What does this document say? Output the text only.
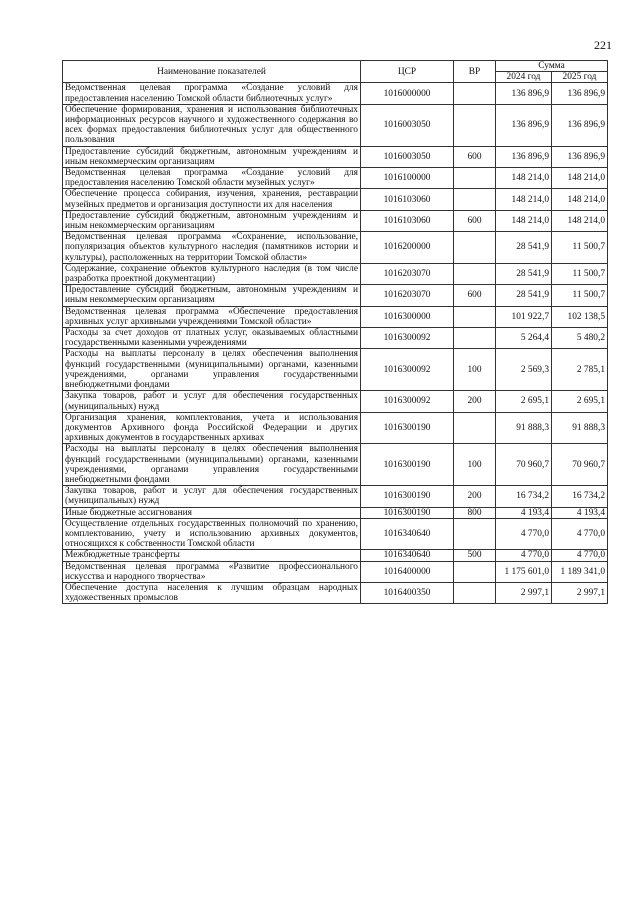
221
Наименование показателей	ЦСР	ВР	Сумма	
			2024 год	2025 год
Ведомственная целевая программа «Создание условий для предоставления населению Томской области библиотечных услуг»	1016000000		136 896,9	136 896,9
Обеспечение формирования, хранения и использования библиотечных информационных ресурсов научного и художественного содержания во всех формах предоставления библиотечных услуг для общественного пользования	1016003050		136 896,9	136 896,9
Предоставление субсидий бюджетным, автономным учреждениям и иным некоммерческим организациям	1016003050	600	136 896,9	136 896,9
Ведомственная целевая программа «Создание условий для предоставления населению Томской области музейных услуг»	1016100000		148 214,0	148 214,0
Обеспечение процесса собирания, изучения, хранения, реставрации музейных предметов и организация доступности их для населения	1016103060		148 214,0	148 214,0
Предоставление субсидий бюджетным, автономным учреждениям и иным некоммерческим организациям	1016103060	600	148 214,0	148 214,0
Ведомственная целевая программа «Сохранение, использование, популяризация объектов культурного наследия (памятников истории и культуры), расположенных на территории Томской области»	1016200000		28 541,9	11 500,7
Содержание, сохранение объектов культурного наследия (в том числе разработка проектной документации)	1016203070		28 541,9	11 500,7
Предоставление субсидий бюджетным, автономным учреждениям и иным некоммерческим организациям	1016203070	600	28 541,9	11 500,7
Ведомственная целевая программа «Обеспечение предоставления архивных услуг архивными учреждениями Томской области»	1016300000		101 922,7	102 138,5
Расходы за счет доходов от платных услуг, оказываемых областными государственными казенными учреждениями	1016300092		5 264,4	5 480,2
Расходы на выплаты персоналу в целях обеспечения выполнения функций государственными (муниципальными) органами, казенными учреждениями, органами управления государственными внебюджетными фондами	1016300092	100	2 569,3	2 785,1
Закупка товаров, работ и услуг для обеспечения государственных (муниципальных) нужд	1016300092	200	2 695,1	2 695,1
Организация хранения, комплектования, учета и использования документов Архивного фонда Российской Федерации и других архивных документов в государственных архивах	1016300190		91 888,3	91 888,3
Расходы на выплаты персоналу в целях обеспечения выполнения функций государственными (муниципальными) органами, казенными учреждениями, органами управления государственными внебюджетными фондами	1016300190	100	70 960,7	70 960,7
Закупка товаров, работ и услуг для обеспечения государственных (муниципальных) нужд	1016300190	200	16 734,2	16 734,2
Иные бюджетные ассигнования	1016300190	800	4 193,4	4 193,4
Осуществление отдельных государственных полномочий по хранению, комплектованию, учету и использованию архивных документов, относящихся к собственности Томской области	1016340640		4 770,0	4 770,0
Межбюджетные трансферты	1016340640	500	4 770,0	4 770,0
Ведомственная целевая программа «Развитие профессионального искусства и народного творчества»	1016400000		1 175 601,0	1 189 341,0
Обеспечение доступа населения к лучшим образцам народных художественных промыслов	1016400350		2 997,1	2 997,1
